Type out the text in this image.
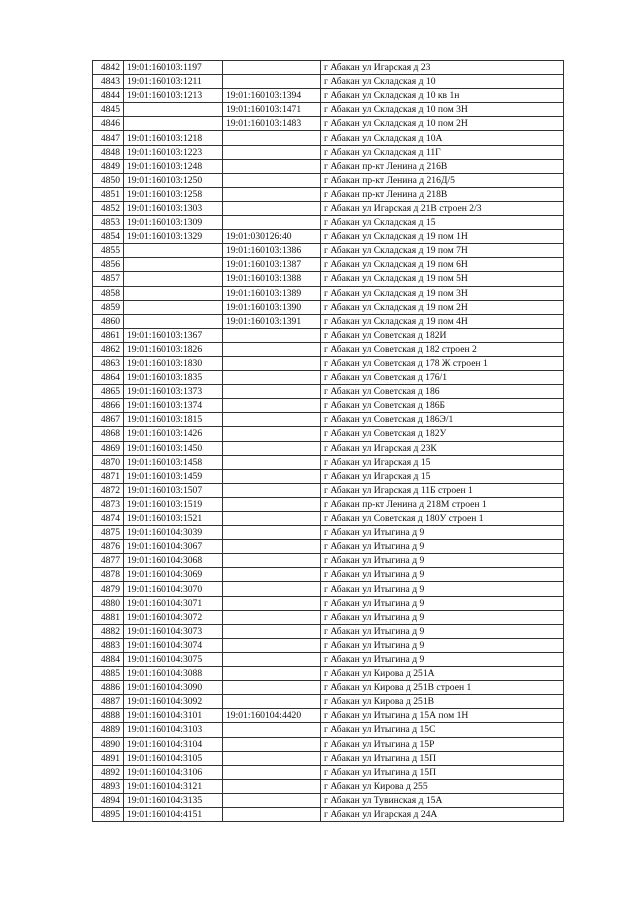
4842	19:01:160103:1197		г Абакан ул Игарская д 23
4843	19:01:160103:1211		г Абакан ул Складская д 10
4844	19:01:160103:1213	19:01:160103:1394	г Абакан ул Складская д 10 кв 1н
4845		19:01:160103:1471	г Абакан ул Складская д 10 пом 3Н
4846		19:01:160103:1483	г Абакан ул Складская д 10 пом 2Н
4847	19:01:160103:1218		г Абакан ул Складская д 10А
4848	19:01:160103:1223		г Абакан ул Складская д 11Г
4849	19:01:160103:1248		г Абакан пр-кт Ленина д 216В
4850	19:01:160103:1250		г Абакан пр-кт Ленина д 216Д/5
4851	19:01:160103:1258		г Абакан пр-кт Ленина д 218В
4852	19:01:160103:1303		г Абакан ул Игарская д 21В строен 2/3
4853	19:01:160103:1309		г Абакан ул Складская д 15
4854	19:01:160103:1329	19:01:030126:40	г Абакан ул Складская д 19 пом 1Н
4855		19:01:160103:1386	г Абакан ул Складская д 19 пом 7Н
4856		19:01:160103:1387	г Абакан ул Складская д 19 пом 6Н
4857		19:01:160103:1388	г Абакан ул Складская д 19 пом 5Н
4858		19:01:160103:1389	г Абакан ул Складская д 19 пом 3Н
4859		19:01:160103:1390	г Абакан ул Складская д 19 пом 2Н
4860		19:01:160103:1391	г Абакан ул Складская д 19 пом 4Н
4861	19:01:160103:1367		г Абакан ул Советская д 182И
4862	19:01:160103:1826		г Абакан ул Советская д 182 строен 2
4863	19:01:160103:1830		г Абакан ул Советская д 178 Ж строен 1
4864	19:01:160103:1835		г Абакан ул Советская д 176/1
4865	19:01:160103:1373		г Абакан ул Советская д 186
4866	19:01:160103:1374		г Абакан ул Советская д 186Б
4867	19:01:160103:1815		г Абакан ул Советская д 186Э/1
4868	19:01:160103:1426		г Абакан ул Советская д 182У
4869	19:01:160103:1450		г Абакан ул Игарская д 23К
4870	19:01:160103:1458		г Абакан ул Игарская д 15
4871	19:01:160103:1459		г Абакан ул Игарская д 15
4872	19:01:160103:1507		г Абакан ул Игарская д 11Б строен 1
4873	19:01:160103:1519		г Абакан пр-кт Ленина д 218М строен 1
4874	19:01:160103:1521		г Абакан ул Советская д 180У строен 1
4875	19:01:160104:3039		г Абакан ул Итыгина д 9
4876	19:01:160104:3067		г Абакан ул Итыгина д 9
4877	19:01:160104:3068		г Абакан ул Итыгина д 9
4878	19:01:160104:3069		г Абакан ул Итыгина д 9
4879	19:01:160104:3070		г Абакан ул Итыгина д 9
4880	19:01:160104:3071		г Абакан ул Итыгина д 9
4881	19:01:160104:3072		г Абакан ул Итыгина д 9
4882	19:01:160104:3073		г Абакан ул Итыгина д 9
4883	19:01:160104:3074		г Абакан ул Итыгина д 9
4884	19:01:160104:3075		г Абакан ул Итыгина д 9
4885	19:01:160104:3088		г Абакан ул Кирова д 251А
4886	19:01:160104:3090		г Абакан ул Кирова д 251В строен 1
4887	19:01:160104:3092		г Абакан ул Кирова д 251В
4888	19:01:160104:3101	19:01:160104:4420	г Абакан ул Итыгина д 15А пом 1Н
4889	19:01:160104:3103		г Абакан ул Итыгина д 15С
4890	19:01:160104:3104		г Абакан ул Итыгина д 15Р
4891	19:01:160104:3105		г Абакан ул Итыгина д 15П
4892	19:01:160104:3106		г Абакан ул Итыгина д 15П
4893	19:01:160104:3121		г Абакан ул Кирова д 255
4894	19:01:160104:3135		г Абакан ул Тувинская д 15А
4895	19:01:160104:4151		г Абакан ул Игарская д 24А
